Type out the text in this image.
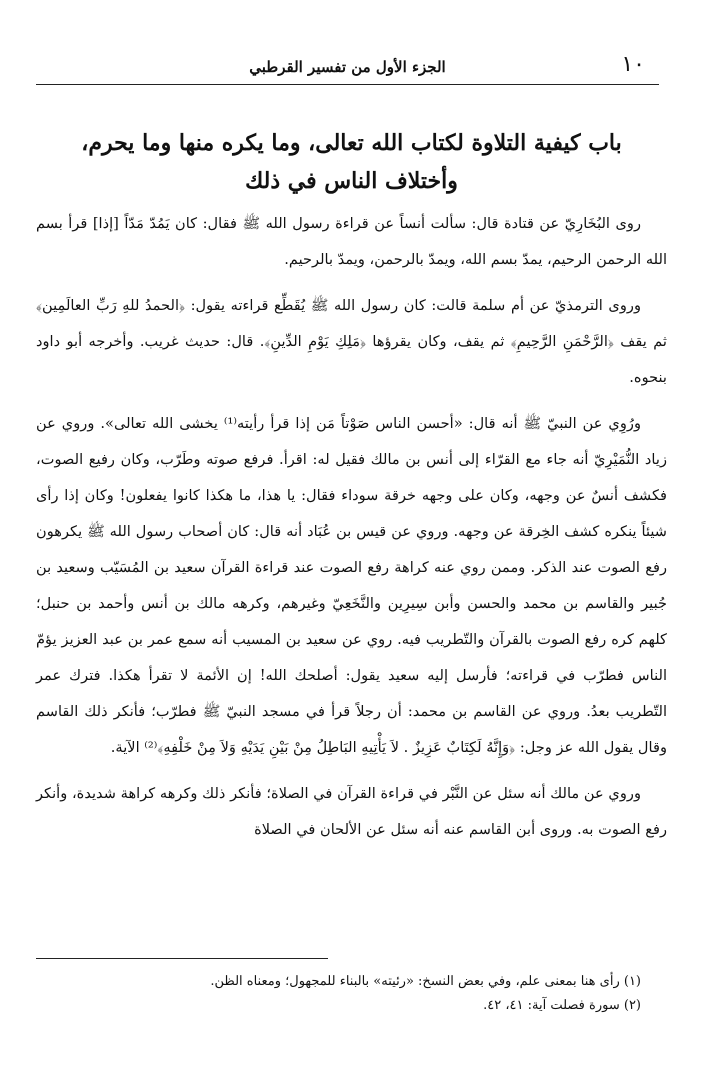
١٠
الجزء الأول من تفسير القرطبي
باب كيفية التلاوة لكتاب الله تعالى، وما يكره منها وما يحرم،
وأختلاف الناس في ذلك

روى البُخَارِيّ عن قتادة قال: سألت أنساً عن قراءة رسول الله ﷺ فقال: كان يَمُدّ مَدّاً [إذا] قرأ بسم الله الرحمن الرحيم، يمدّ بسم الله، ويمدّ بالرحمن، ويمدّ بالرحيم.

وروى الترمذيّ عن أم سلمة قالت: كان رسول الله ﷺ يُقَطِّع قراءته يقول: ﴿الحمدُ للهِ رَبِّ العالَمِين﴾ ثم يقف ﴿الرَّحْمَنِ الرَّحِيمِ﴾ ثم يقف، وكان يقرؤها ﴿مَلِكِ يَوْمِ الدِّينِ﴾. قال: حديث غريب. وأخرجه أبو داود بنحوه.

ورُوِي عن النبيّ ﷺ أنه قال: «أحسن الناس صَوْتاً مَن إذا قرأ رأيته⁽¹⁾ يخشى الله تعالى». وروي عن زياد النُّمَيْرِيّ أنه جاء مع القرّاء إلى أنس بن مالك فقيل له: اقرأ. فرفع صوته وطَرّب، وكان رفيع الصوت، فكشف أنسٌ عن وجهه، وكان على وجهه خرقة سوداء فقال: يا هذا، ما هكذا كانوا يفعلون! وكان إذا رأى شيئاً ينكره كشف الخِرقة عن وجهه. وروي عن قيس بن عُبَاد أنه قال: كان أصحاب رسول الله ﷺ يكرهون رفع الصوت عند الذكر. وممن روي عنه كراهة رفع الصوت عند قراءة القرآن سعيد بن المُسَيّب وسعيد بن جُبير والقاسم بن محمد والحسن وأبن سِيرِين والنَّخَعِيّ وغيرهم، وكرهه مالك بن أنس وأحمد بن حنبل؛ كلهم كره رفع الصوت بالقرآن والتّطريب فيه. روي عن سعيد بن المسيب أنه سمع عمر بن عبد العزيز يؤمّ الناس فطرّب في قراءته؛ فأرسل إليه سعيد يقول: أصلحك الله! إن الأئمة لا تقرأ هكذا. فترك عمر التّطريب بعدُ. وروي عن القاسم بن محمد: أن رجلاً قرأ في مسجد النبيّ ﷺ فطرّب؛ فأنكر ذلك القاسم وقال يقول الله عز وجل: ﴿وَإِنَّهُ لَكِتَابٌ عَزِيزٌ . لاَ يَأْتِيهِ البَاطِلُ مِنْ بَيْنِ يَدَيْهِ وَلاَ مِنْ خَلْفِهِ﴾⁽²⁾ الآية.

وروي عن مالك أنه سئل عن النَّبْر في قراءة القرآن في الصلاة؛ فأنكر ذلك وكرهه كراهة شديدة، وأنكر رفع الصوت به. وروى أبن القاسم عنه أنه سئل عن الألحان في الصلاة

(١) رأى هنا بمعنى علم، وفي بعض النسخ: «رئيته» بالبناء للمجهول؛ ومعناه الظن.
(٢) سورة فصلت آية: ٤١، ٤٢.
